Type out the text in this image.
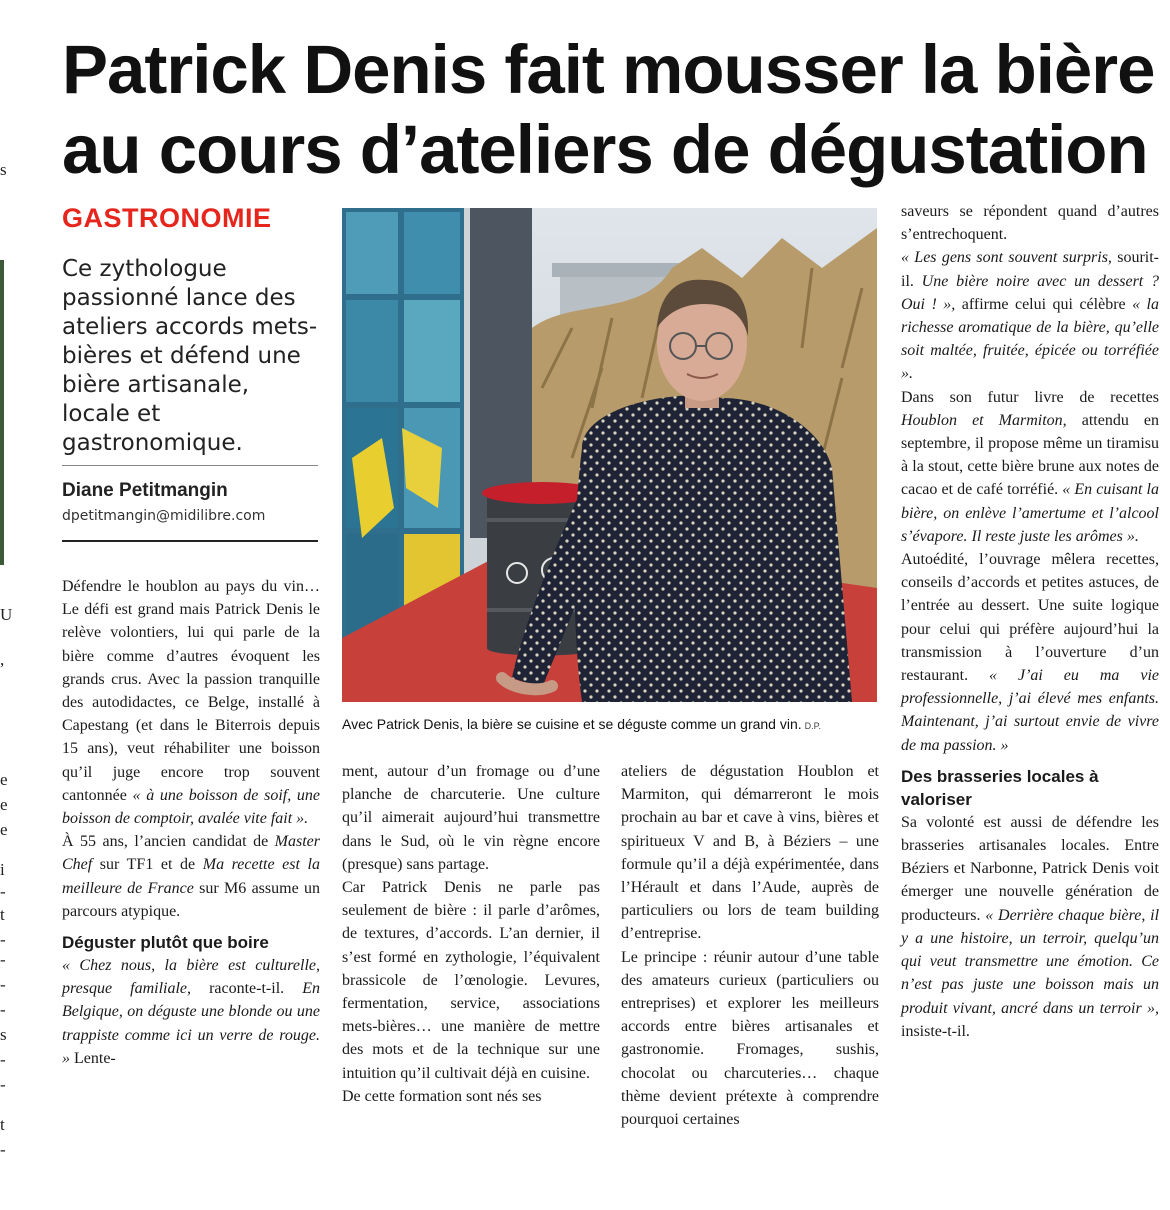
s
U
,
e
e
e
i
-
t
-
-
-
-
s
-
-
t
-
Patrick Denis fait mousser la bière
au cours d’ateliers de dégustation
GASTRONOMIE
Ce zythologue passionné lance des ateliers accords mets-bières et défend une bière artisanale, locale et gastronomique.
Diane Petitmangin
dpetitmangin@midilibre.com
Avec Patrick Denis, la bière se cuisine et se déguste comme un grand vin. D.P.

Défendre le houblon au pays du vin… Le défi est grand mais Patrick Denis le relève volontiers, lui qui parle de la bière comme d’autres évoquent les grands crus. Avec la passion tranquille des autodidactes, ce Belge, installé à Capestang (et dans le Biterrois depuis 15 ans), veut réhabiliter une boisson qu’il juge encore trop souvent cantonnée « à une boisson de soif, une boisson de comptoir, avalée vite fait ».

À 55 ans, l’ancien candidat de Master Chef sur TF1 et de Ma recette est la meilleure de France sur M6 assume un parcours atypique.

Déguster plutôt que boire

« Chez nous, la bière est culturelle, presque familiale, raconte-t-il. En Belgique, on déguste une blonde ou une trappiste comme ici un verre de rouge. » Lente-

ment, autour d’un fromage ou d’une planche de charcuterie. Une culture qu’il aimerait aujourd’hui transmettre dans le Sud, où le vin règne encore (presque) sans partage.

Car Patrick Denis ne parle pas seulement de bière : il parle d’arômes, de textures, d’accords. L’an dernier, il s’est formé en zythologie, l’équivalent brassicole de l’œnologie. Levures, fermentation, service, associations mets-bières… une manière de mettre des mots et de la technique sur une intuition qu’il cultivait déjà en cuisine.

De cette formation sont nés ses

ateliers de dégustation Houblon et Marmiton, qui démarreront le mois prochain au bar et cave à vins, bières et spiritueux V and B, à Béziers – une formule qu’il a déjà expérimentée, dans l’Hérault et dans l’Aude, auprès de particuliers ou lors de team building d’entreprise.

Le principe : réunir autour d’une table des amateurs curieux (particuliers ou entreprises) et explorer les meilleurs accords entre bières artisanales et gastronomie. Fromages, sushis, chocolat ou charcuteries… chaque thème devient prétexte à comprendre pourquoi certaines

saveurs se répondent quand d’autres s’entrechoquent.

« Les gens sont souvent surpris, sourit-il. Une bière noire avec un dessert ? Oui ! », affirme celui qui célèbre « la richesse aromatique de la bière, qu’elle soit maltée, fruitée, épicée ou torréfiée ».

Dans son futur livre de recettes Houblon et Marmiton, attendu en septembre, il propose même un tiramisu à la stout, cette bière brune aux notes de cacao et de café torréfié. « En cuisant la bière, on enlève l’amertume et l’alcool s’évapore. Il reste juste les arômes ».

Autoédité, l’ouvrage mêlera recettes, conseils d’accords et petites astuces, de l’entrée au dessert. Une suite logique pour celui qui préfère aujourd’hui la transmission à l’ouverture d’un restaurant. « J’ai eu ma vie professionnelle, j’ai élevé mes enfants. Maintenant, j’ai surtout envie de vivre de ma passion. »

Des brasseries locales à valoriser

Sa volonté est aussi de défendre les brasseries artisanales locales. Entre Béziers et Narbonne, Patrick Denis voit émerger une nouvelle génération de producteurs. « Derrière chaque bière, il y a une histoire, un terroir, quelqu’un qui veut transmettre une émotion. Ce n’est pas juste une boisson mais un produit vivant, ancré dans un terroir », insiste-t-il.
